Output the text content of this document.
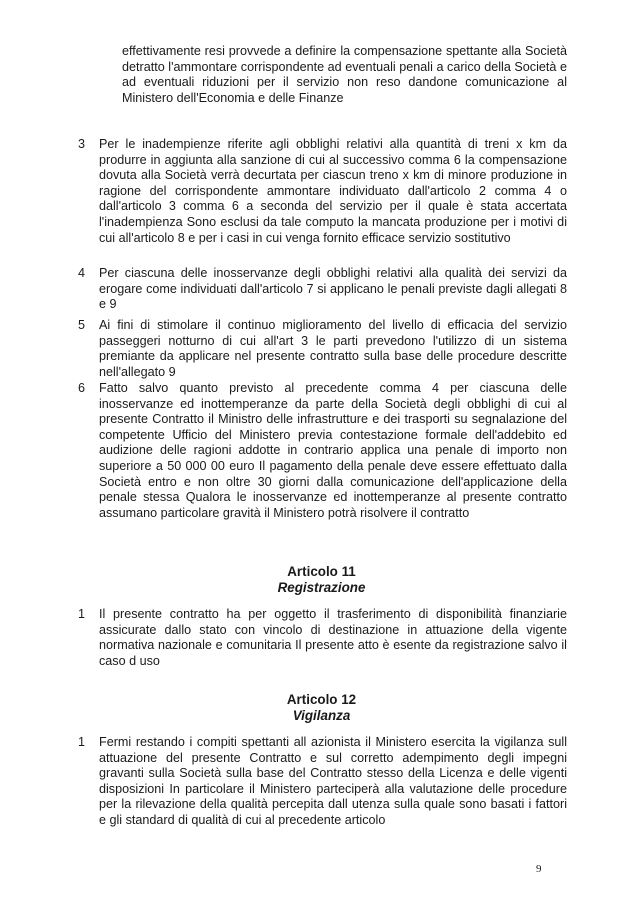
effettivamente resi provvede a definire la compensazione spettante alla Società detratto l'ammontare corrispondente ad eventuali penali a carico della Società e ad eventuali riduzioni per il servizio non reso dandone comunicazione al Ministero dell'Economia e delle Finanze
3 Per le inadempienze riferite agli obblighi relativi alla quantità di treni x km da produrre in aggiunta alla sanzione di cui al successivo comma 6 la compensazione dovuta alla Società verrà decurtata per ciascun treno x km di minore produzione in ragione del corrispondente ammontare individuato dall'articolo 2 comma 4 o dall'articolo 3 comma 6 a seconda del servizio per il quale è stata accertata l'inadempienza Sono esclusi da tale computo la mancata produzione per i motivi di cui all'articolo 8 e per i casi in cui venga fornito efficace servizio sostitutivo
4 Per ciascuna delle inosservanze degli obblighi relativi alla qualità dei servizi da erogare come individuati dall'articolo 7 si applicano le penali previste dagli allegati 8 e 9
5 Ai fini di stimolare il continuo miglioramento del livello di efficacia del servizio passeggeri notturno di cui all'art 3 le parti prevedono l'utilizzo di un sistema premiante da applicare nel presente contratto sulla base delle procedure descritte nell'allegato 9
6 Fatto salvo quanto previsto al precedente comma 4 per ciascuna delle inosservanze ed inottemperanze da parte della Società degli obblighi di cui al presente Contratto il Ministro delle infrastrutture e dei trasporti su segnalazione del competente Ufficio del Ministero previa contestazione formale dell'addebito ed audizione delle ragioni addotte in contrario applica una penale di importo non superiore a 50 000 00 euro Il pagamento della penale deve essere effettuato dalla Società entro e non oltre 30 giorni dalla comunicazione dell'applicazione della penale stessa Qualora le inosservanze ed inottemperanze al presente contratto assumano particolare gravità il Ministero potrà risolvere il contratto
Articolo 11
Registrazione
1 Il presente contratto ha per oggetto il trasferimento di disponibilità finanziarie assicurate dallo stato con vincolo di destinazione in attuazione della vigente normativa nazionale e comunitaria Il presente atto è esente da registrazione salvo il caso d uso
Articolo 12
Vigilanza
1 Fermi restando i compiti spettanti all azionista il Ministero esercita la vigilanza sull attuazione del presente Contratto e sul corretto adempimento degli impegni gravanti sulla Società sulla base del Contratto stesso della Licenza e delle vigenti disposizioni In particolare il Ministero parteciperà alla valutazione delle procedure per la rilevazione della qualità percepita dall utenza sulla quale sono basati i fattori e gli standard di qualità di cui al precedente articolo
9
